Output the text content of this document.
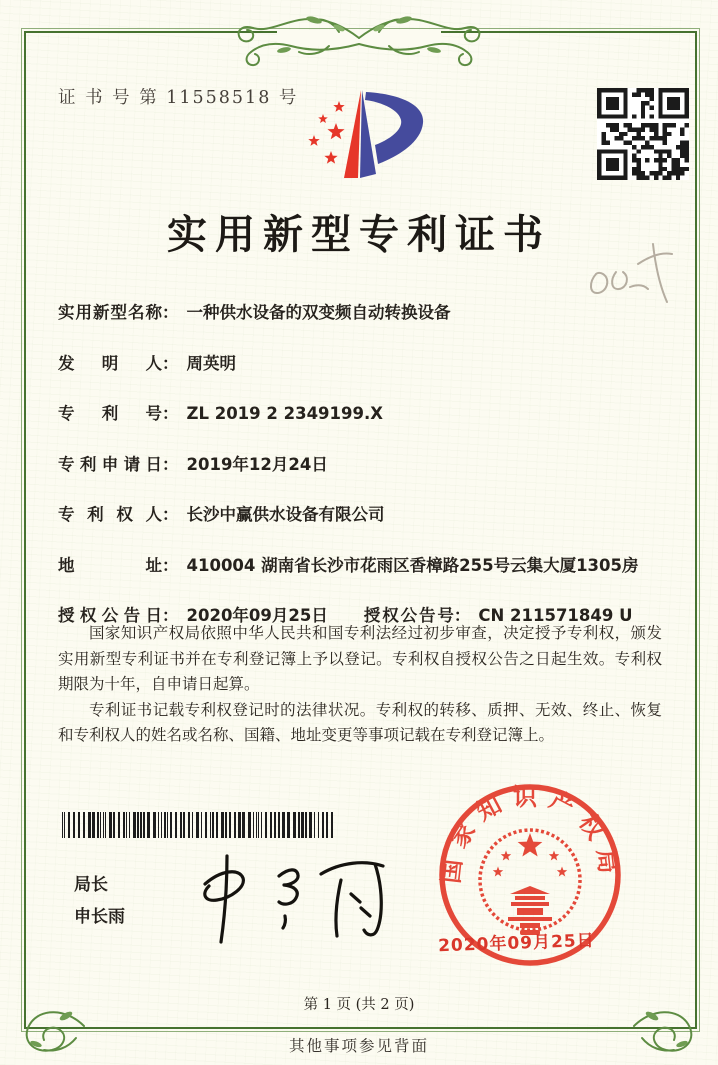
证 书 号 第 11558518 号
实用新型专利证书
实用新型名称 ： 一种供水设备的双变频自动转换设备
发明人 ： 周英明
专利号 ： ZL 2019 2 2349199.X
专利申请日 ： 2019年12月24日
专利权人 ： 长沙中赢供水设备有限公司
地址 ： 410004 湖南省长沙市花雨区香樟路255号云集大厦1305房
授权公告日 ： 2020年09月25日 授权公告号 ： CN 211571849 U

国家知识产权局依照中华人民共和国专利法经过初步审查，决定授予专利权，颁发实用新型专利证书并在专利登记簿上予以登记。专利权自授权公告之日起生效。专利权期限为十年，自申请日起算。

专利证书记载专利权登记时的法律状况。专利权的转移、质押、无效、终止、恢复和专利权人的姓名或名称、国籍、地址变更等事项记载在专利登记簿上。

局长
申长雨
国家知识产权局
2020年09月25日
第 1 页 (共 2 页)
其他事项参见背面
